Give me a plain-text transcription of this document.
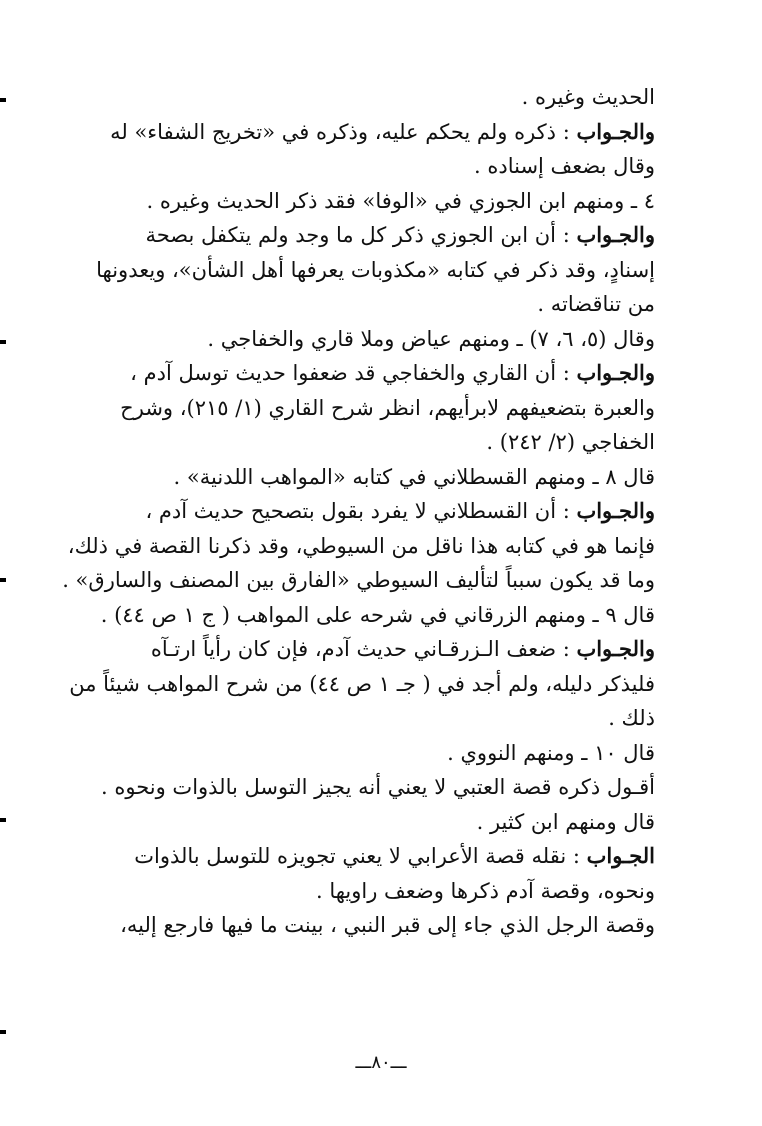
الحديث وغيره .
والجـواب : ذكره ولم يحكم عليه، وذكره في «تخريج الشفاء» له
وقال بضعف إسناده .
٤ ـ ومنهم ابن الجوزي في «الوفا» فقد ذكر الحديث وغيره .
والجـواب : أن ابن الجوزي ذكر كل ما وجد ولم يتكفل بصحة
إسنادٍ، وقد ذكر في كتابه «مكذوبات يعرفها أهل الشأن»، ويعدونها
من تناقضاته .
وقال (٥، ٦، ٧) ـ ومنهم عياض وملا قاري والخفاجي .
والجـواب : أن القاري والخفاجي قد ضعفوا حديث توسل آدم ،
والعبرة بتضعيفهم لابرأيهم، انظر شرح القاري (١/ ٢١٥)، وشرح
الخفاجي (٢/ ٢٤٢) .
قال ٨ ـ ومنهم القسطلاني في كتابه «المواهب اللدنية» .
والجـواب : أن القسطلاني لا يفرد بقول بتصحيح حديث آدم ،
فإنما هو في كتابه هذا ناقل من السيوطي، وقد ذكرنا القصة في ذلك،
وما قد يكون سبباً لتأليف السيوطي «الفارق بين المصنف والسارق» .
قال ٩ ـ ومنهم الزرقاني في شرحه على المواهب ( ج ١ ص ٤٤) .
والجـواب : ضعف الـزرقـاني حديث آدم، فإن كان رأياً ارتـآه
فليذكر دليله، ولم أجد في ( جـ ١ ص ٤٤) من شرح المواهب شيئاً من
ذلك .
قال ١٠ ـ ومنهم النووي .
أقـول ذكره قصة العتبي لا يعني أنه يجيز التوسل بالذوات ونحوه .
قال ومنهم ابن كثير .
الجـواب : نقله قصة الأعرابي لا يعني تجويزه للتوسل بالذوات
ونحوه، وقصة آدم ذكرها وضعف راويها .
وقصة الرجل الذي جاء إلى قبر النبي ، بينت ما فيها فارجع إليه،
ـــ٨٠ـــ
